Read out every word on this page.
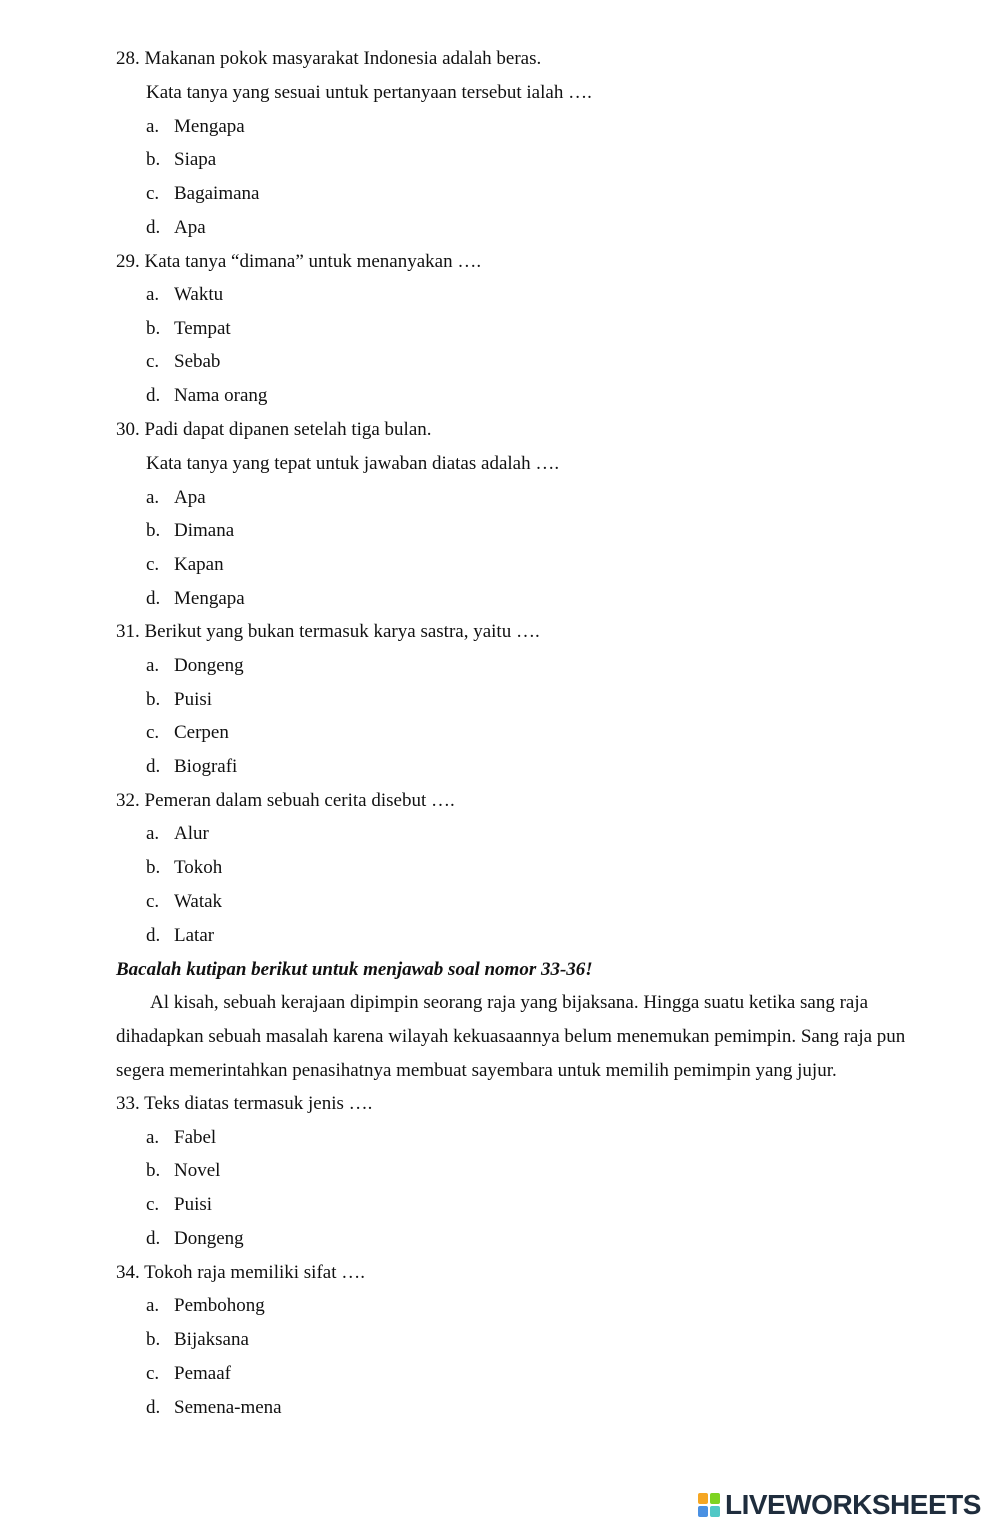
28. Makanan pokok masyarakat Indonesia adalah beras.
Kata tanya yang sesuai untuk pertanyaan tersebut ialah ….
a. Mengapa
b. Siapa
c. Bagaimana
d. Apa
29. Kata tanya “dimana” untuk menanyakan ….
a. Waktu
b. Tempat
c. Sebab
d. Nama orang
30. Padi dapat dipanen setelah tiga bulan.
Kata tanya yang tepat untuk jawaban diatas adalah ….
a. Apa
b. Dimana
c. Kapan
d. Mengapa
31. Berikut yang bukan termasuk karya sastra, yaitu ….
a. Dongeng
b. Puisi
c. Cerpen
d. Biografi
32. Pemeran dalam sebuah cerita disebut ….
a. Alur
b. Tokoh
c. Watak
d. Latar
Bacalah kutipan berikut untuk menjawab soal nomor 33-36!
Al kisah, sebuah kerajaan dipimpin seorang raja yang bijaksana. Hingga suatu ketika sang raja
dihadapkan sebuah masalah karena wilayah kekuasaannya belum menemukan pemimpin. Sang raja pun
segera memerintahkan penasihatnya membuat sayembara untuk memilih pemimpin yang jujur.
33. Teks diatas termasuk jenis ….
a. Fabel
b. Novel
c. Puisi
d. Dongeng
34. Tokoh raja memiliki sifat ….
a. Pembohong
b. Bijaksana
c. Pemaaf
d. Semena-mena
LIVEWORKSHEETS
